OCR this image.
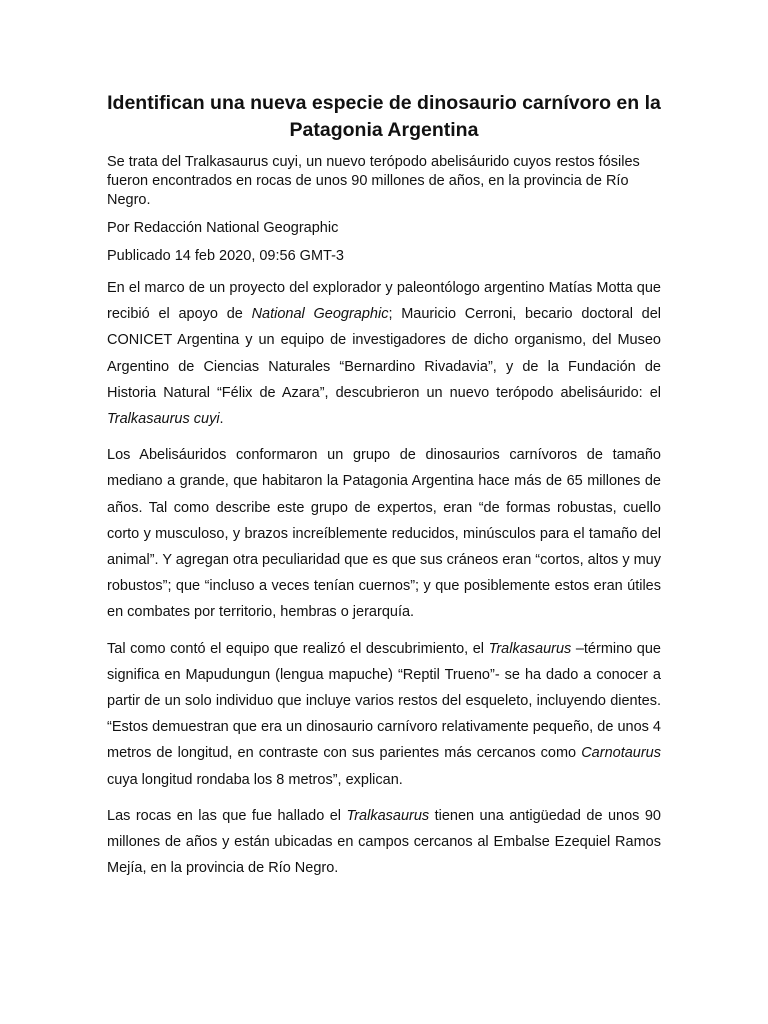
Identifican una nueva especie de dinosaurio carnívoro en la Patagonia Argentina

Se trata del Tralkasaurus cuyi, un nuevo terópodo abelisáurido cuyos restos fósiles fueron encontrados en rocas de unos 90 millones de años, en la provincia de Río Negro.

Por Redacción National Geographic

Publicado 14 feb 2020, 09:56 GMT-3

En el marco de un proyecto del explorador y paleontólogo argentino Matías Motta que recibió el apoyo de National Geographic; Mauricio Cerroni, becario doctoral del CONICET Argentina y un equipo de investigadores de dicho organismo, del Museo Argentino de Ciencias Naturales “Bernardino Rivadavia”, y de la Fundación de Historia Natural “Félix de Azara”, descubrieron un nuevo terópodo abelisáurido: el Tralkasaurus cuyi.

Los Abelisáuridos conformaron un grupo de dinosaurios carnívoros de tamaño mediano a grande, que habitaron la Patagonia Argentina hace más de 65 millones de años. Tal como describe este grupo de expertos, eran “de formas robustas, cuello corto y musculoso, y brazos increíblemente reducidos, minúsculos para el tamaño del animal”. Y agregan otra peculiaridad que es que sus cráneos eran “cortos, altos y muy robustos”; que “incluso a veces tenían cuernos”; y que posiblemente estos eran útiles en combates por territorio, hembras o jerarquía.

Tal como contó el equipo que realizó el descubrimiento, el Tralkasaurus –término que significa en Mapudungun (lengua mapuche) “Reptil Trueno”- se ha dado a conocer a partir de un solo individuo que incluye varios restos del esqueleto, incluyendo dientes. “Estos demuestran que era un dinosaurio carnívoro relativamente pequeño, de unos 4 metros de longitud, en contraste con sus parientes más cercanos como Carnotaurus cuya longitud rondaba los 8 metros”, explican.

Las rocas en las que fue hallado el Tralkasaurus tienen una antigüedad de unos 90 millones de años y están ubicadas en campos cercanos al Embalse Ezequiel Ramos Mejía, en la provincia de Río Negro.
